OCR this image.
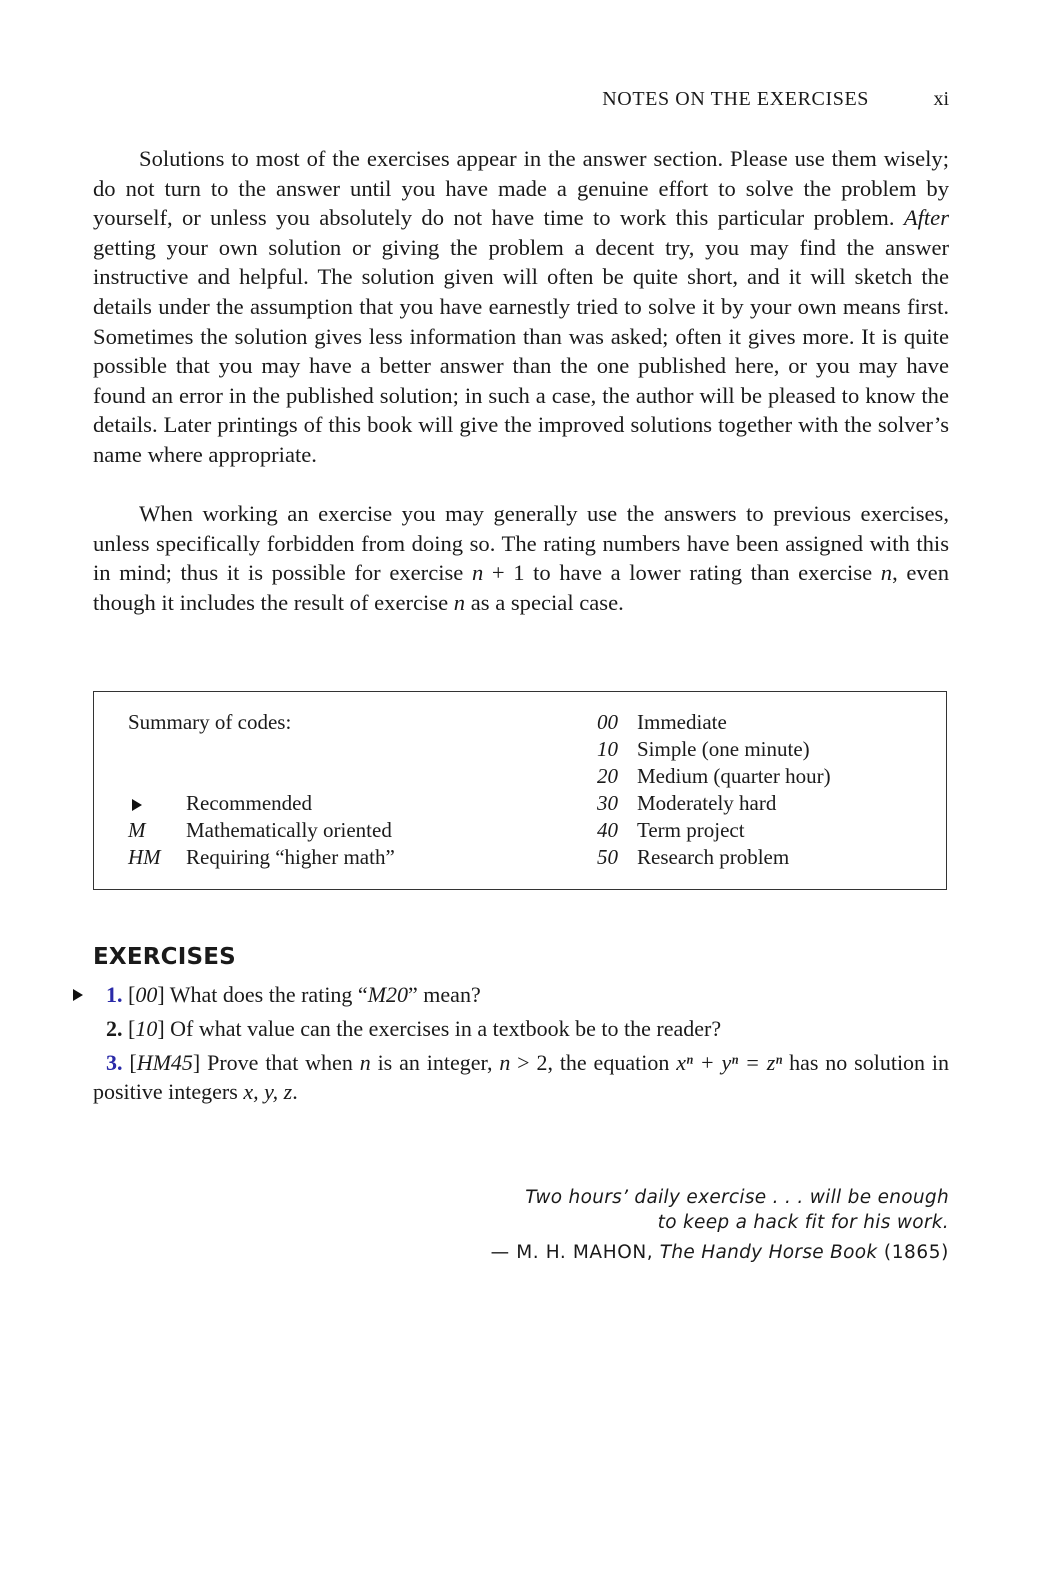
NOTES ON THE EXERCISES	xi

Solutions to most of the exercises appear in the answer section. Please use them wisely; do not turn to the answer until you have made a genuine effort to solve the problem by yourself, or unless you absolutely do not have time to work this particular problem. After getting your own solution or giving the problem a decent try, you may find the answer instructive and helpful. The solution given will often be quite short, and it will sketch the details under the assumption that you have earnestly tried to solve it by your own means first. Sometimes the solution gives less information than was asked; often it gives more. It is quite possible that you may have a better answer than the one published here, or you may have found an error in the published solution; in such a case, the author will be pleased to know the details. Later printings of this book will give the improved solutions together with the solver’s name where appropriate.

When working an exercise you may generally use the answers to previous exercises, unless specifically forbidden from doing so. The rating numbers have been assigned with this in mind; thus it is possible for exercise n + 1 to have a lower rating than exercise n, even though it includes the result of exercise n as a special case.

Summary of codes:
Recommended
M	Mathematically oriented
HM	Requiring “higher math”
00 Immediate
10 Simple (one minute)
20 Medium (quarter hour)
30 Moderately hard
40 Term project
50 Research problem
EXERCISES
1. [00] What does the rating “M20” mean?
2. [10] Of what value can the exercises in a textbook be to the reader?
3. [HM45] Prove that when n is an integer, n > 2, the equation xⁿ + yⁿ = zⁿ has no solution in positive integers x, y, z.
Two hours’ daily exercise . . . will be enough
to keep a hack fit for his work.
— M. H. MAHON, The Handy Horse Book (1865)
